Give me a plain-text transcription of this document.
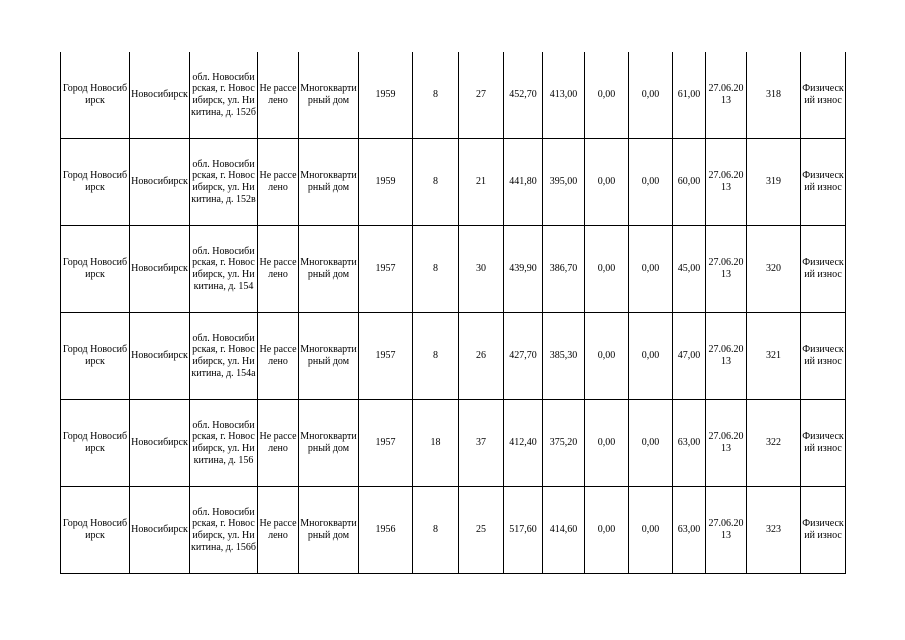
Город Новосибирск	Новосибирск	обл. Новосибирская, г. Новосибирск, ул. Никитина, д. 152б	Не расселено	Многоквартирный дом	1959	8	27	452,70	413,00	0,00	0,00	61,00	27.06.2013	318	Физический износ
Город Новосибирск	Новосибирск	обл. Новосибирская, г. Новосибирск, ул. Никитина, д. 152в	Не расселено	Многоквартирный дом	1959	8	21	441,80	395,00	0,00	0,00	60,00	27.06.2013	319	Физический износ
Город Новосибирск	Новосибирск	обл. Новосибирская, г. Новосибирск, ул. Никитина, д. 154	Не расселено	Многоквартирный дом	1957	8	30	439,90	386,70	0,00	0,00	45,00	27.06.2013	320	Физический износ
Город Новосибирск	Новосибирск	обл. Новосибирская, г. Новосибирск, ул. Никитина, д. 154а	Не расселено	Многоквартирный дом	1957	8	26	427,70	385,30	0,00	0,00	47,00	27.06.2013	321	Физический износ
Город Новосибирск	Новосибирск	обл. Новосибирская, г. Новосибирск, ул. Никитина, д. 156	Не расселено	Многоквартирный дом	1957	18	37	412,40	375,20	0,00	0,00	63,00	27.06.2013	322	Физический износ
Город Новосибирск	Новосибирск	обл. Новосибирская, г. Новосибирск, ул. Никитина, д. 156б	Не расселено	Многоквартирный дом	1956	8	25	517,60	414,60	0,00	0,00	63,00	27.06.2013	323	Физический износ
